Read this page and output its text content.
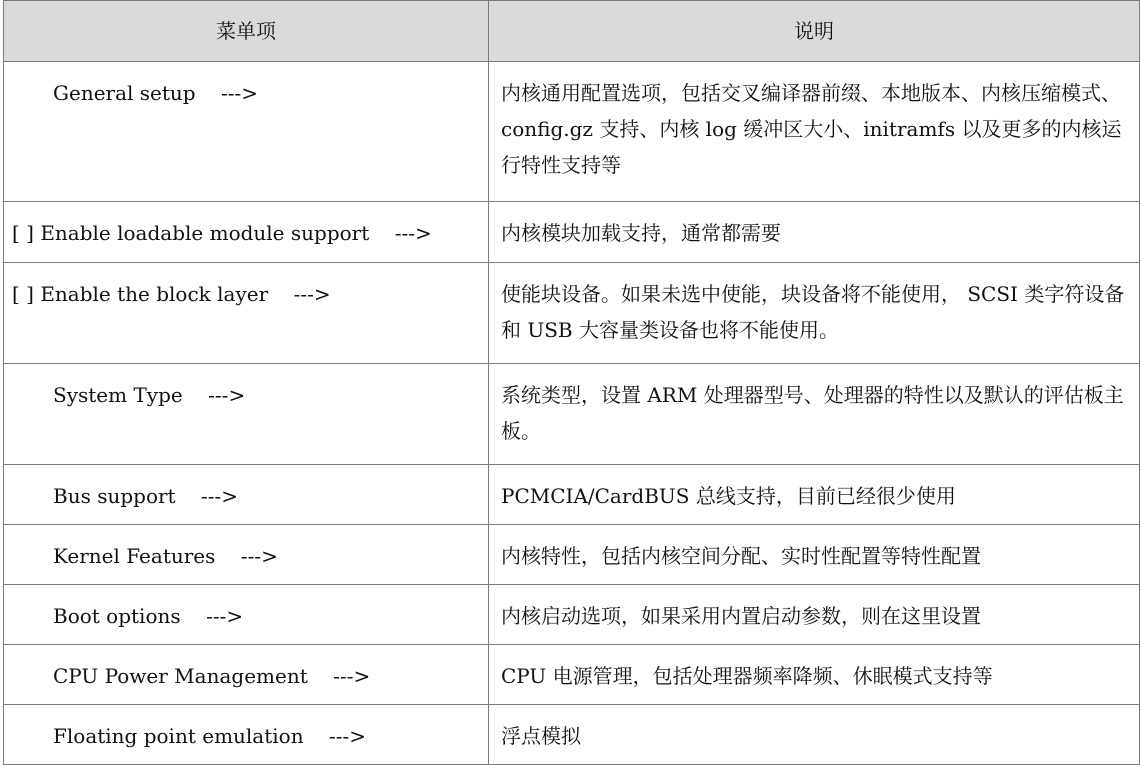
菜单项	说明
General setup    --->	内核通用配置选项，包括交叉编译器前缀、本地版本、内核压缩模式、config.gz 支持、内核 log 缓冲区大小、initramfs 以及更多的内核运行特性支持等
[ ] Enable loadable module support    --->	内核模块加载支持，通常都需要
[ ] Enable the block layer    --->	使能块设备。如果未选中使能，块设备将不能使用， SCSI 类字符设备和 USB 大容量类设备也将不能使用。
System Type    --->	系统类型，设置 ARM 处理器型号、处理器的特性以及默认的评估板主板。
Bus support    --->	PCMCIA/CardBUS 总线支持，目前已经很少使用
Kernel Features    --->	内核特性，包括内核空间分配、实时性配置等特性配置
Boot options    --->	内核启动选项，如果采用内置启动参数，则在这里设置
CPU Power Management    --->	CPU 电源管理，包括处理器频率降频、休眠模式支持等
Floating point emulation    --->	浮点模拟
